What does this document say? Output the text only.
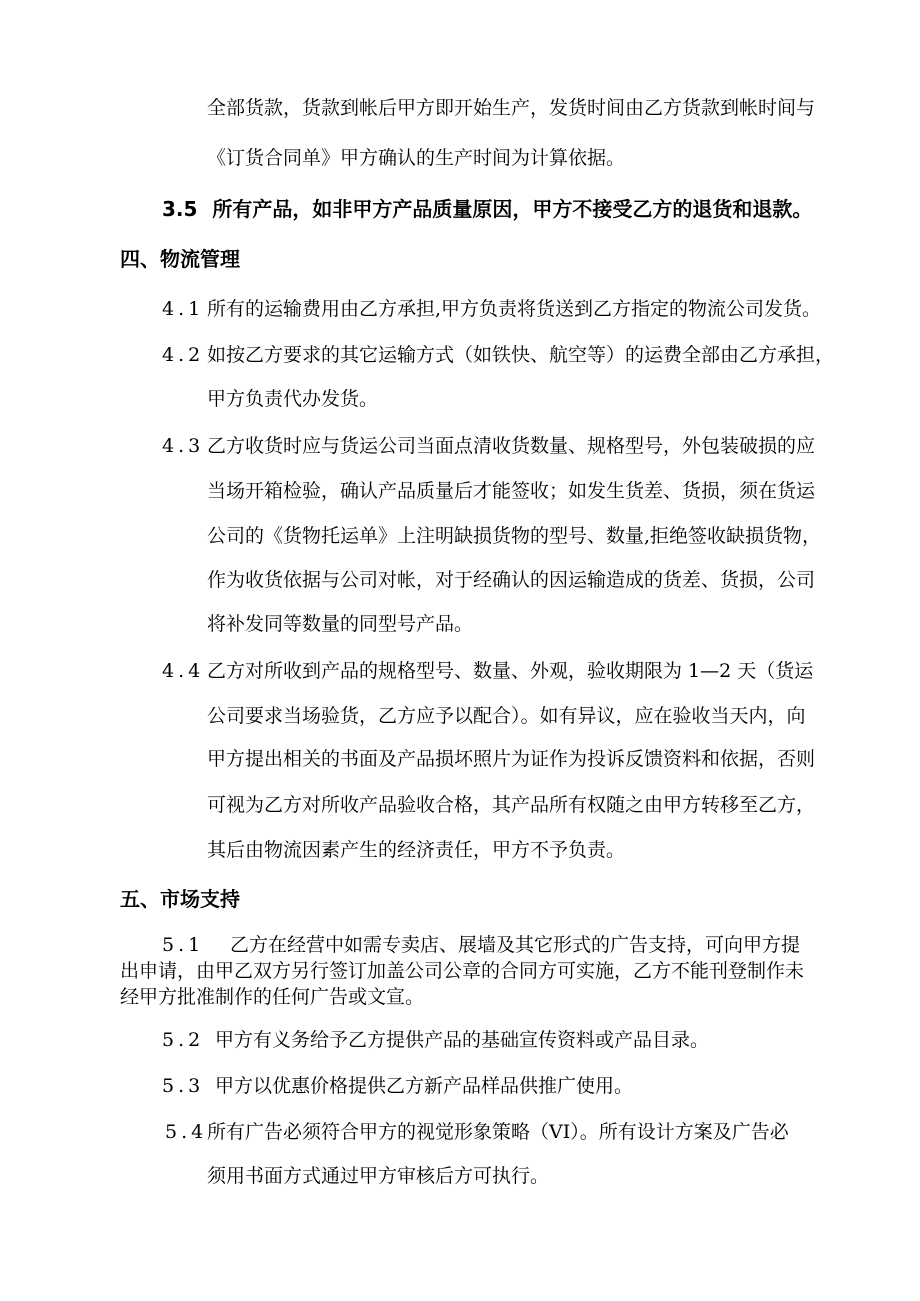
全部货款，货款到帐后甲方即开始生产，发货时间由乙方货款到帐时间与
《订货合同单》甲方确认的生产时间为计算依据。
3.5 所有产品，如非甲方产品质量原因，甲方不接受乙方的退货和退款。
四、物流管理
4.1 所有的运输费用由乙方承担,甲方负责将货送到乙方指定的物流公司发货。
4.2 如按乙方要求的其它运输方式（如铁快、航空等）的运费全部由乙方承担，
甲方负责代办发货。
4.3 乙方收货时应与货运公司当面点清收货数量、规格型号，外包装破损的应
当场开箱检验，确认产品质量后才能签收；如发生货差、货损，须在货运
公司的《货物托运单》上注明缺损货物的型号、数量,拒绝签收缺损货物，
作为收货依据与公司对帐，对于经确认的因运输造成的货差、货损，公司
将补发同等数量的同型号产品。
4.4 乙方对所收到产品的规格型号、数量、外观，验收期限为 1—2 天（货运
公司要求当场验货，乙方应予以配合）。如有异议，应在验收当天内，向
甲方提出相关的书面及产品损坏照片为证作为投诉反馈资料和依据，否则
可视为乙方对所收产品验收合格，其产品所有权随之由甲方转移至乙方，
其后由物流因素产生的经济责任，甲方不予负责。
五、市场支持
5.1 乙方在经营中如需专卖店、展墙及其它形式的广告支持，可向甲方提
出申请，由甲乙双方另行签订加盖公司公章的合同方可实施，乙方不能刊登制作未
经甲方批准制作的任何广告或文宣。
5.2 甲方有义务给予乙方提供产品的基础宣传资料或产品目录。
5.3 甲方以优惠价格提供乙方新产品样品供推广使用。
5.4 所有广告必须符合甲方的视觉形象策略（VI）。所有设计方案及广告必
须用书面方式通过甲方审核后方可执行。
